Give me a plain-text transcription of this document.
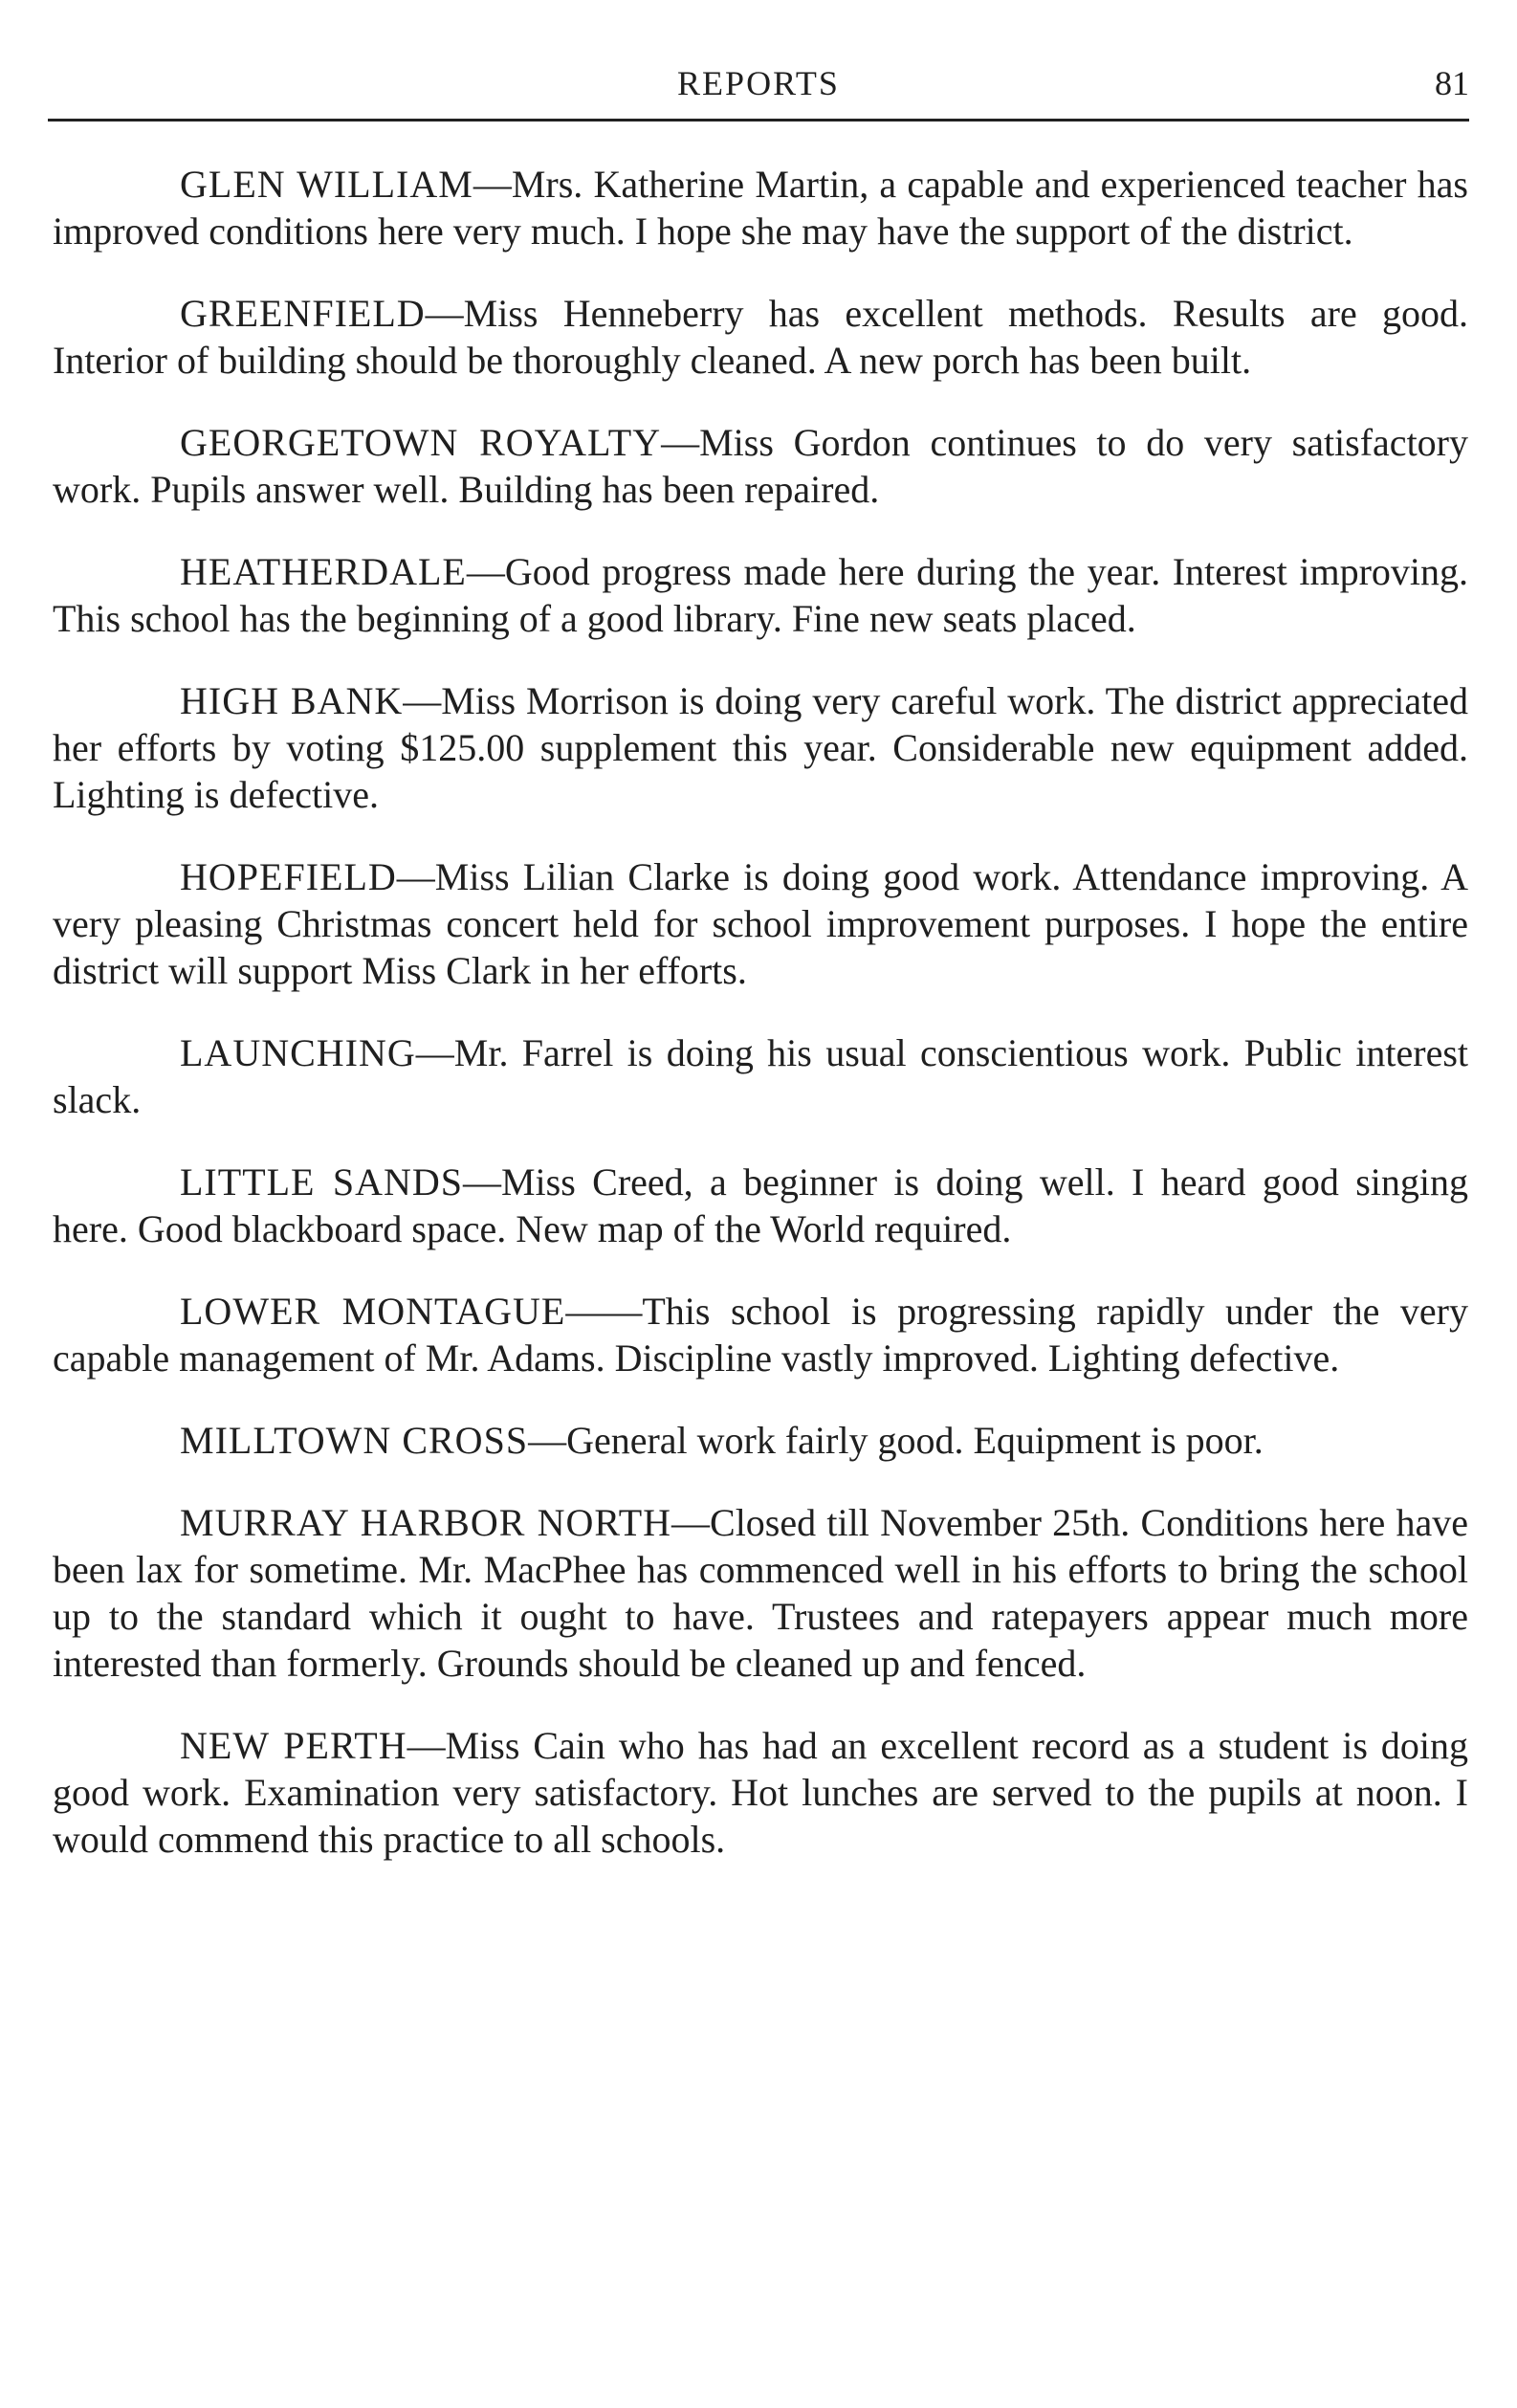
REPORTS	81

GLEN WILLIAM—Mrs. Katherine Martin, a capable and experienced teacher has improved conditions here very much. I hope she may have the support of the district.

GREENFIELD—Miss Henneberry has excellent methods. Results are good. Interior of building should be thoroughly cleaned. A new porch has been built.

GEORGETOWN ROYALTY—Miss Gordon continues to do very satisfactory work. Pupils answer well. Building has been repaired.

HEATHERDALE—Good progress made here during the year. Interest improving. This school has the beginning of a good library. Fine new seats placed.

HIGH BANK—Miss Morrison is doing very careful work. The district appreciated her efforts by voting $125.00 supplement this year. Considerable new equipment added. Lighting is defective.

HOPEFIELD—Miss Lilian Clarke is doing good work. Attendance improving. A very pleasing Christmas concert held for school improvement purposes. I hope the entire district will support Miss Clark in her efforts.

LAUNCHING—Mr. Farrel is doing his usual conscientious work. Public interest slack.

LITTLE SANDS—Miss Creed, a beginner is doing well. I heard good singing here. Good blackboard space. New map of the World required.

LOWER MONTAGUE——This school is progressing rapidly under the very capable management of Mr. Adams. Discipline vastly improved. Lighting defective.

MILLTOWN CROSS—General work fairly good. Equipment is poor.

MURRAY HARBOR NORTH—Closed till November 25th. Conditions here have been lax for sometime. Mr. MacPhee has commenced well in his efforts to bring the school up to the standard which it ought to have. Trustees and ratepayers appear much more interested than formerly. Grounds should be cleaned up and fenced.

NEW PERTH—Miss Cain who has had an excellent record as a student is doing good work. Examination very satisfactory. Hot lunches are served to the pupils at noon. I would commend this practice to all schools.
